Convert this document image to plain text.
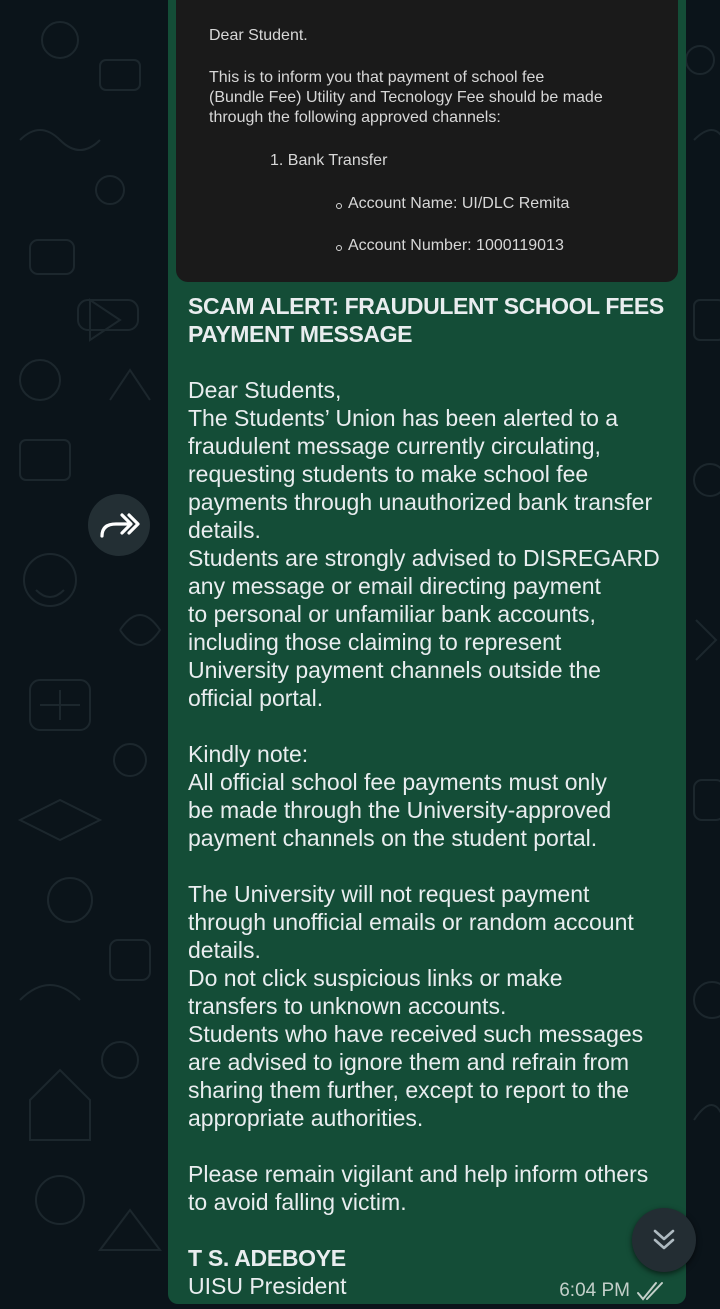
Dear Student.
This is to inform you that payment of school fee
(Bundle Fee) Utility and Tecnology Fee should be made
through the following approved channels:
1. Bank Transfer
Account Name: UI/DLC Remita
Account Number: 1000119013

SCAM ALERT: FRAUDULENT SCHOOL FEES
PAYMENT MESSAGE

Dear Students,
The Students’ Union has been alerted to a
fraudulent message currently circulating,
requesting students to make school fee
payments through unauthorized bank transfer
details.
Students are strongly advised to DISREGARD
any message or email directing payment
to personal or unfamiliar bank accounts,
including those claiming to represent
University payment channels outside the
official portal.

Kindly note:
All official school fee payments must only
be made through the University-approved
payment channels on the student portal.

The University will not request payment
through unofficial emails or random account
details.
Do not click suspicious links or make
transfers to unknown accounts.
Students who have received such messages
are advised to ignore them and refrain from
sharing them further, except to report to the
appropriate authorities.

Please remain vigilant and help inform others
to avoid falling victim.

T S. ADEBOYE

UISU President	6:04 PM
